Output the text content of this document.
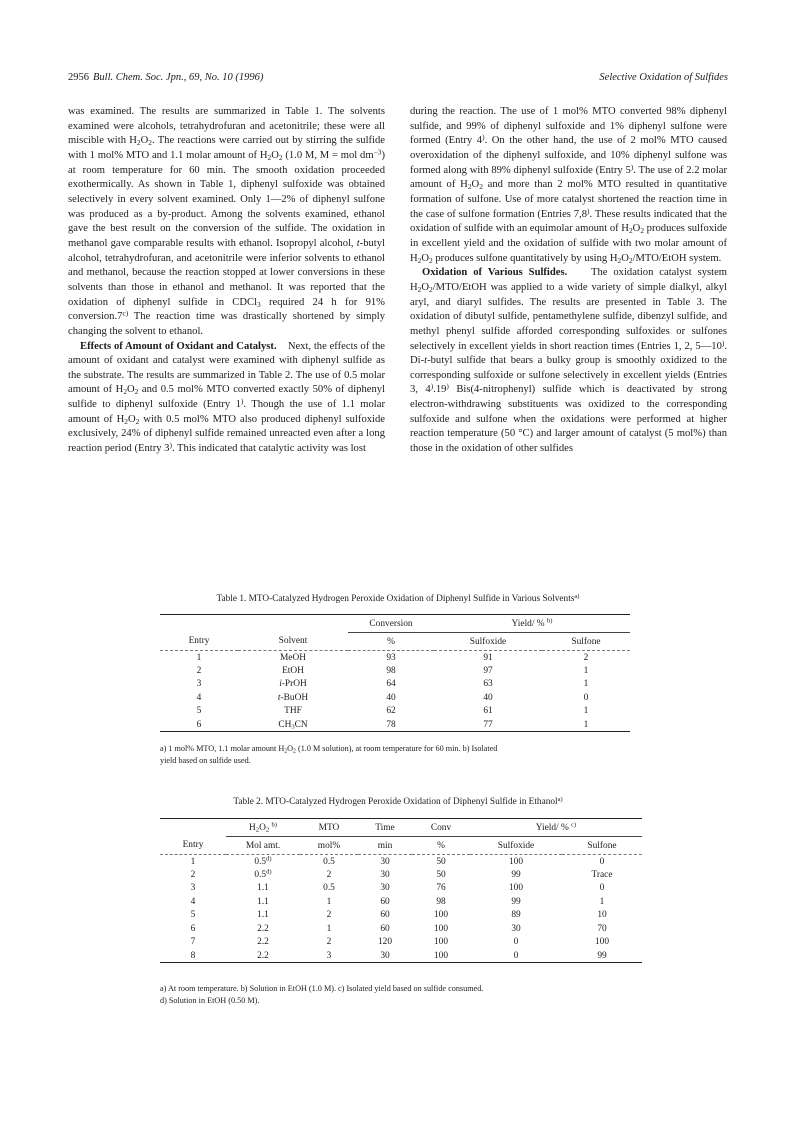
2956 Bull. Chem. Soc. Jpn., 69, No. 10 (1996)	Selective Oxidation of Sulfides

was examined. The results are summarized in Table 1. The solvents examined were alcohols, tetrahydrofuran and acetonitrile; these were all miscible with $H_2O_2$. The reactions were carried out by stirring the sulfide with 1 mol% MTO and 1.1 molar amount of $H_2O_2$ (1.0 M, M = mol $dm^{-3}$) at room temperature for 60 min. The smooth oxidation proceeded exothermically. As shown in Table 1, diphenyl sulfoxide was obtained selectively in every solvent examined. Only 1—2% of diphenyl sulfone was produced as a by-product. Among the solvents examined, ethanol gave the best result on the conversion of the sulfide. The oxidation in methanol gave comparable results with ethanol. Isopropyl alcohol, t-butyl alcohol, tetrahydrofuran, and acetonitrile were inferior solvents to ethanol and methanol, because the reaction stopped at lower conversions in these solvents than those in ethanol and methanol. It was reported that the oxidation of diphenyl sulfide in CDCl$_3$ required 24 h for 91% conversion.7$^{c)}$ The reaction time was drastically shortened by simply changing the solvent to ethanol.

Effects of Amount of Oxidant and Catalyst. Next, the effects of the amount of oxidant and catalyst were examined with diphenyl sulfide as the substrate. The results are summarized in Table 2. The use of 0.5 molar amount of $H_2O_2$ and 0.5 mol% MTO converted exactly 50% of diphenyl sulfide to diphenyl sulfoxide (Entry 1). Though the use of 1.1 molar amount of $H_2O_2$ with 0.5 mol% MTO also produced diphenyl sulfoxide exclusively, 24% of diphenyl sulfide remained unreacted even after a long reaction period (Entry 3). This indicated that catalytic activity was lost

during the reaction. The use of 1 mol% MTO converted 98% diphenyl sulfide, and 99% of diphenyl sulfoxide and 1% diphenyl sulfone were formed (Entry 4). On the other hand, the use of 2 mol% MTO caused overoxidation of the diphenyl sulfoxide, and 10% diphenyl sulfone was formed along with 89% diphenyl sulfoxide (Entry 5). The use of 2.2 molar amount of $H_2O_2$ and more than 2 mol% MTO resulted in quantitative formation of sulfone. Use of more catalyst shortened the reaction time in the case of sulfone formation (Entries 7,8). These results indicated that the oxidation of sulfide with an equimolar amount of $H_2O_2$ produces sulfoxide in excellent yield and the oxidation of sulfide with two molar amount of $H_2O_2$ produces sulfone quantitatively by using $H_2O_2/MTO$/EtOH system.

Oxidation of Various Sulfides. The oxidation catalyst system $H_2O_2/MTO$/EtOH was applied to a wide variety of simple dialkyl, alkyl aryl, and diaryl sulfides. The results are presented in Table 3. The oxidation of dibutyl sulfide, pentamethylene sulfide, dibenzyl sulfide, and methyl phenyl sulfide afforded corresponding sulfoxides or sulfones selectively in excellent yields in short reaction times (Entries 1, 2, 5—10). Di-t-butyl sulfide that bears a bulky group is smoothly oxidized to the corresponding sulfoxide or sulfone selectively in excellent yields (Entries 3, 4).19) Bis(4-nitrophenyl) sulfide which is deactivated by strong electron-withdrawing substituents was oxidized to the corresponding sulfoxide and sulfone when the oxidations were performed at higher reaction temperature (50 °C) and larger amount of catalyst (5 mol%) than those in the oxidation of other sulfides

Table 1. MTO-Catalyzed Hydrogen Peroxide Oxidation of Diphenyl Sulfide in Various Solvents$^{a)}$
		Conversion	Yield/ % $^{b)}$
Entry	Solvent	%	Sulfoxide	Sulfone
1	MeOH	93	91	2
2	EtOH	98	97	1
3	i-PrOH	64	63	1
4	t-BuOH	40	40	0
5	THF	62	61	1
6	$CH_3CN$	78	77	1
a) 1 mol% MTO, 1.1 molar amount $H_2O_2$ (1.0 M solution), at room temperature for 60 min. b) Isolated
yield based on sulfide used.
Table 2. MTO-Catalyzed Hydrogen Peroxide Oxidation of Diphenyl Sulfide in Ethanol$^{a)}$
	$H_2O_2$ $^{b)}$	MTO	Time	Conv	Yield/ % $^{c)}$
Entry	Mol amt.	mol%	min	%	Sulfoxide	Sulfone
1	0.5$^{d)}$	0.5	30	50	100	0
2	0.5$^{d)}$	2	30	50	99	Trace
3	1.1	0.5	30	76	100	0
4	1.1	1	60	98	99	1
5	1.1	2	60	100	89	10
6	2.2	1	60	100	30	70
7	2.2	2	120	100	0	100
8	2.2	3	30	100	0	99
a) At room temperature. b) Solution in EtOH (1.0 M). c) Isolated yield based on sulfide consumed.
d) Solution in EtOH (0.50 M).
